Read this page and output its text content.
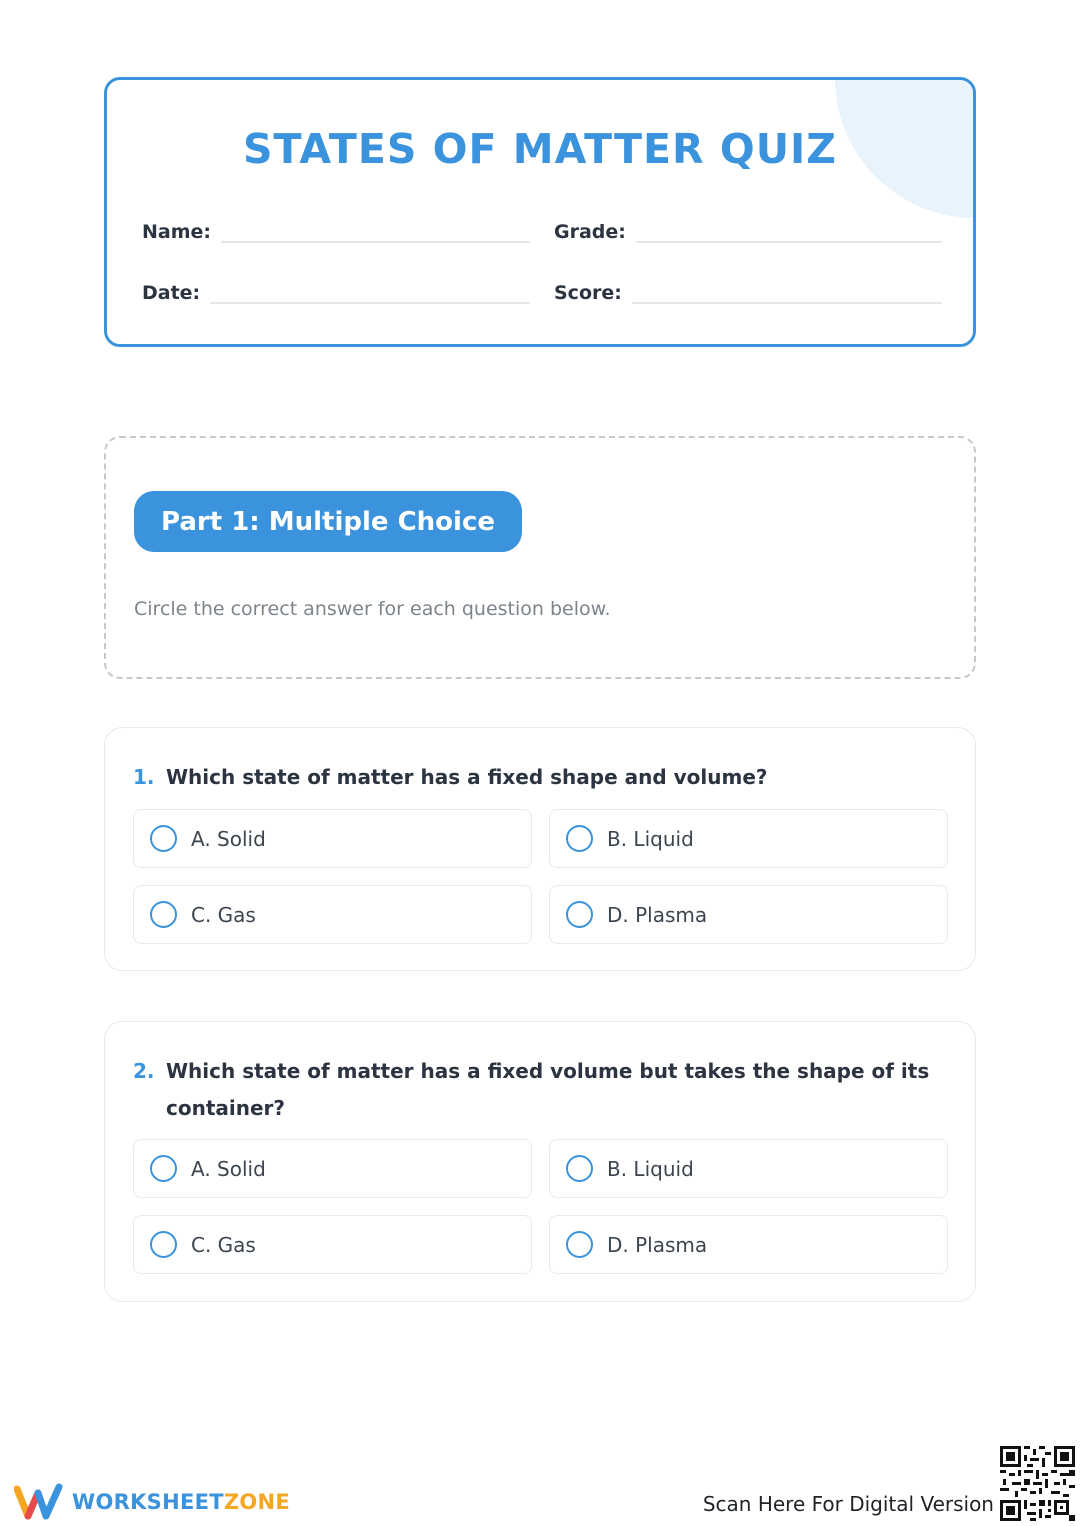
STATES OF MATTER QUIZ
Name:	Grade:
Date:	Score:
Part 1: Multiple Choice
Circle the correct answer for each question below.
1. Which state of matter has a fixed shape and volume?
A. Solid	B. Liquid
C. Gas	D. Plasma
2. Which state of matter has a fixed volume but takes the shape of its container?
A. Solid	B. Liquid
C. Gas	D. Plasma
WORKSHEETZONE	Scan Here For Digital Version
